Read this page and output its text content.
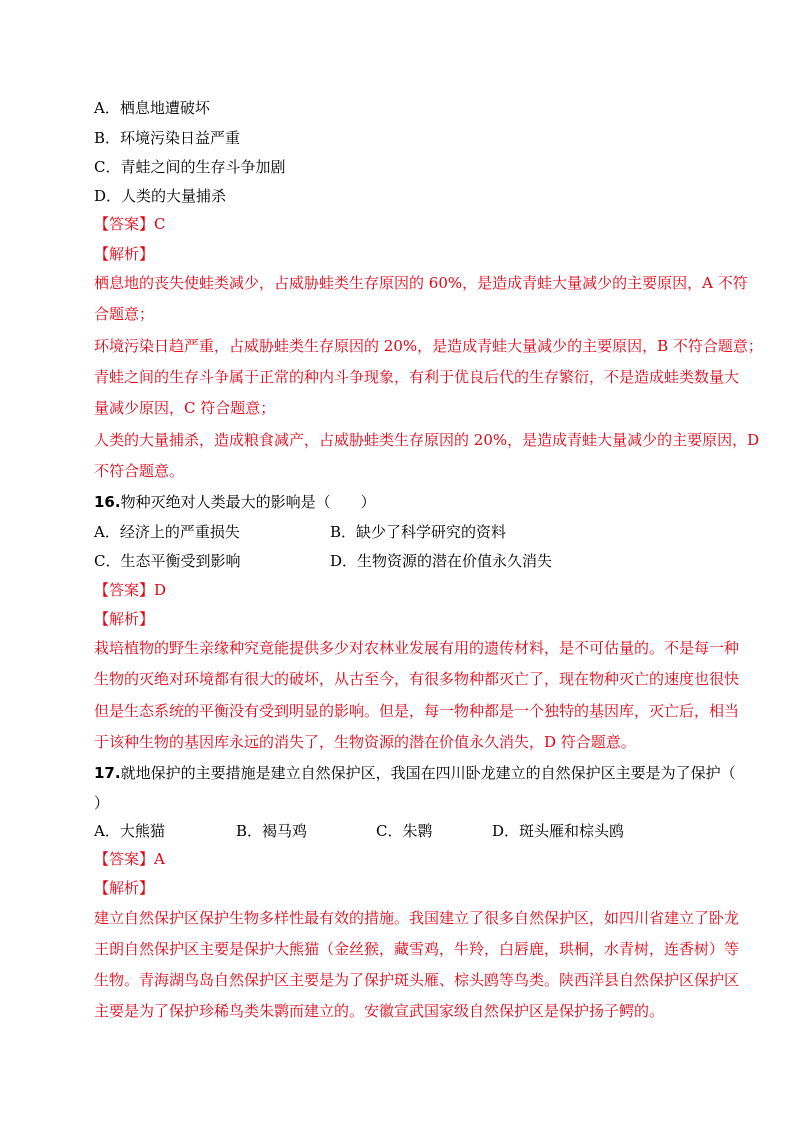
A．栖息地遭破坏
B．环境污染日益严重
C．青蛙之间的生存斗争加剧
D．人类的大量捕杀
【答案】C
【解析】
栖息地的丧失使蛙类减少，占威胁蛙类生存原因的 60%，是造成青蛙大量减少的主要原因，A 不符
合题意；
环境污染日趋严重，占威胁蛙类生存原因的 20%，是造成青蛙大量减少的主要原因，B 不符合题意；
青蛙之间的生存斗争属于正常的种内斗争现象，有利于优良后代的生存繁衍，不是造成蛙类数量大
量减少原因，C 符合题意；
人类的大量捕杀，造成粮食减产，占威胁蛙类生存原因的 20%，是造成青蛙大量减少的主要原因，D
不符合题意。
16.物种灭绝对人类最大的影响是（　　）
A．经济上的严重损失	B．缺少了科学研究的资料
C．生态平衡受到影响	D．生物资源的潜在价值永久消失
【答案】D
【解析】
栽培植物的野生亲缘种究竟能提供多少对农林业发展有用的遗传材料，是不可估量的。不是每一种
生物的灭绝对环境都有很大的破坏，从古至今，有很多物种都灭亡了，现在物种灭亡的速度也很快
但是生态系统的平衡没有受到明显的影响。但是，每一物种都是一个独特的基因库，灭亡后，相当
于该种生物的基因库永远的消失了，生物资源的潜在价值永久消失，D 符合题意。
17.就地保护的主要措施是建立自然保护区，我国在四川卧龙建立的自然保护区主要是为了保护（
）
A．大熊猫	B．褐马鸡	C．朱鹮	D．斑头雁和棕头鸥
【答案】A
【解析】
建立自然保护区保护生物多样性最有效的措施。我国建立了很多自然保护区，如四川省建立了卧龙
王朗自然保护区主要是保护大熊猫（金丝猴，藏雪鸡，牛羚，白唇鹿，珙桐，水青树，连香树）等
生物。青海湖鸟岛自然保护区主要是为了保护斑头雁、棕头鸥等鸟类。陕西洋县自然保护区保护区
主要是为了保护珍稀鸟类朱鹮而建立的。安徽宣武国家级自然保护区是保护扬子鳄的。
